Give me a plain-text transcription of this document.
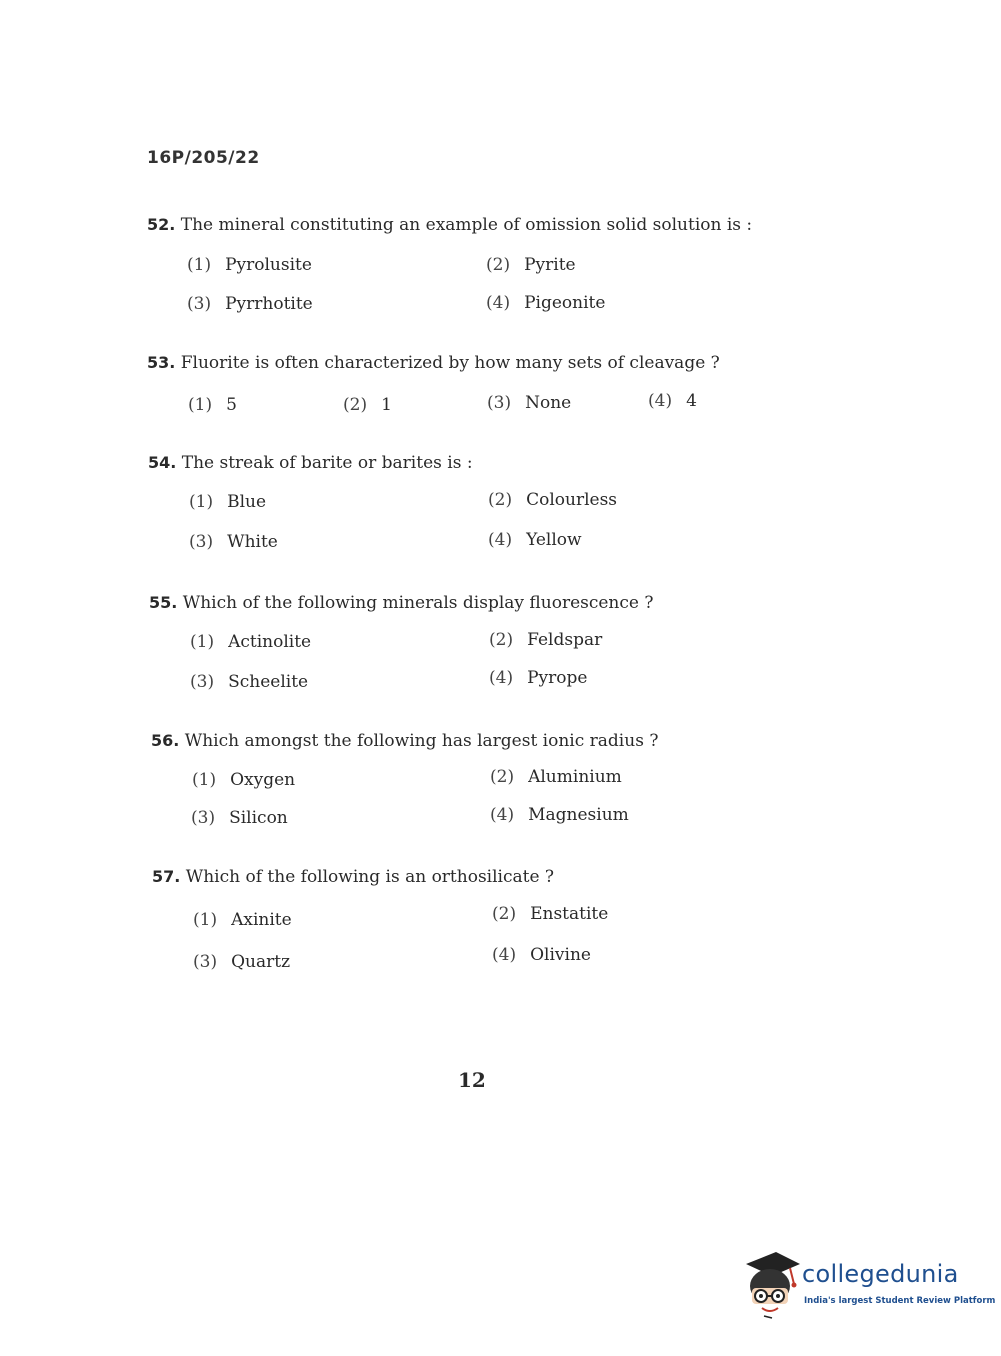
16P/205/22
52. The mineral constituting an example of omission solid solution is :
(1) Pyrolusite	(2) Pyrite
(3) Pyrrhotite	(4) Pigeonite
53. Fluorite is often characterized by how many sets of cleavage ?
(1) 5	(2) 1	(3) None	(4) 4
54. The streak of barite or barites is :
(1) Blue	(2) Colourless
(3) White	(4) Yellow
55. Which of the following minerals display fluorescence ?
(1) Actinolite	(2) Feldspar
(3) Scheelite	(4) Pyrope
56. Which amongst the following has largest ionic radius ?
(1) Oxygen	(2) Aluminium
(3) Silicon	(4) Magnesium
57. Which of the following is an orthosilicate ?
(1) Axinite	(2) Enstatite
(3) Quartz	(4) Olivine
12
collegedunia
India's largest Student Review Platform
